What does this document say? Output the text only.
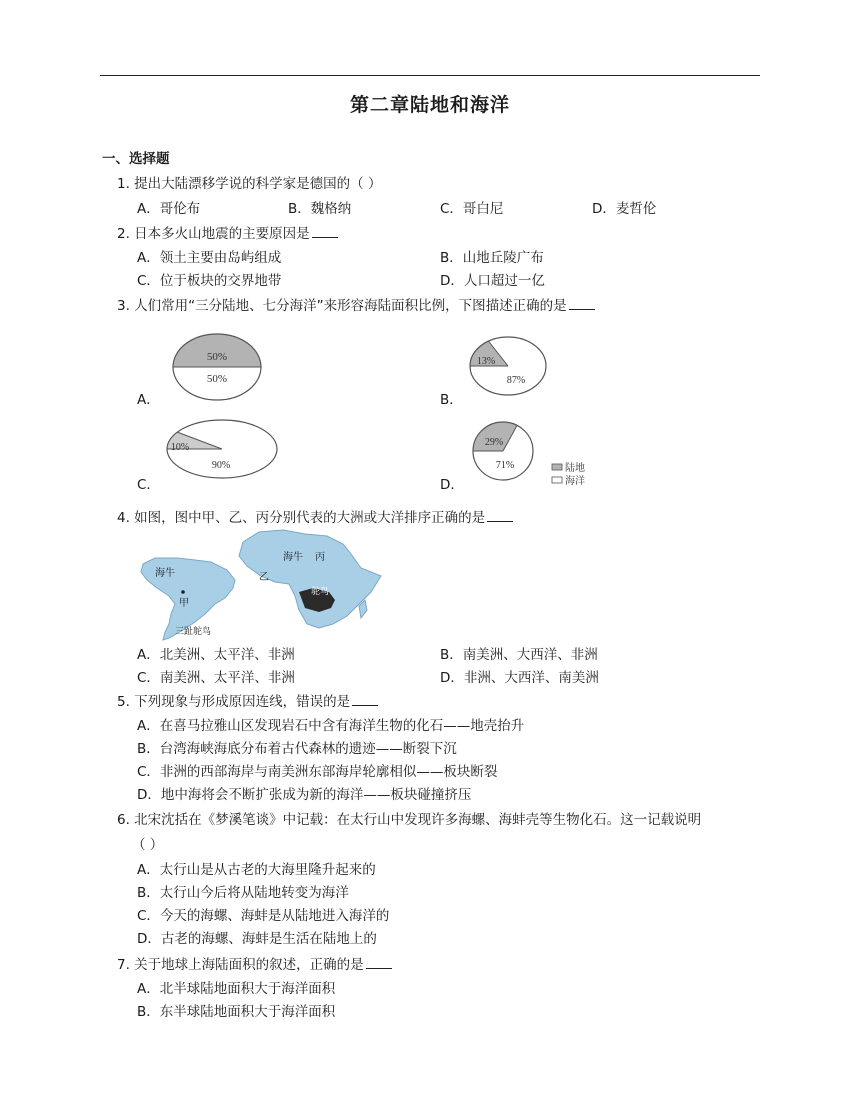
第二章陆地和海洋
一、选择题
1. 提出大陆漂移学说的科学家是德国的（ ）
A．哥伦布	B．魏格纳	C．哥白尼	D．麦哲伦
2. 日本多火山地震的主要原因是
A．领土主要由岛屿组成	B．山地丘陵广布
C．位于板块的交界地带	D．人口超过一亿
3. 人们常用“三分陆地、七分海洋”来形容海陆面积比例，下图描述正确的是
A．	B．
C．	D．
50%
50%
13%
87%
10%
90%
29%
71%	陆地
海洋
4. 如图，图中甲、乙、丙分别代表的大洲或大洋排序正确的是
海牛
甲
三趾鸵鸟
海牛 丙
乙
鸵鸟
A．北美洲、太平洋、非洲	B．南美洲、大西洋、非洲
C．南美洲、太平洋、非洲	D．非洲、大西洋、南美洲
5. 下列现象与形成原因连线，错误的是
A．在喜马拉雅山区发现岩石中含有海洋生物的化石——地壳抬升
B．台湾海峡海底分布着古代森林的遗迹——断裂下沉
C．非洲的西部海岸与南美洲东部海岸轮廓相似——板块断裂
D．地中海将会不断扩张成为新的海洋——板块碰撞挤压
6. 北宋沈括在《梦溪笔谈》中记载：在太行山中发现许多海螺、海蚌壳等生物化石。这一记载说明
（ ）
A．太行山是从古老的大海里隆升起来的
B．太行山今后将从陆地转变为海洋
C．今天的海螺、海蚌是从陆地进入海洋的
D．古老的海螺、海蚌是生活在陆地上的
7. 关于地球上海陆面积的叙述，正确的是
A．北半球陆地面积大于海洋面积
B．东半球陆地面积大于海洋面积
